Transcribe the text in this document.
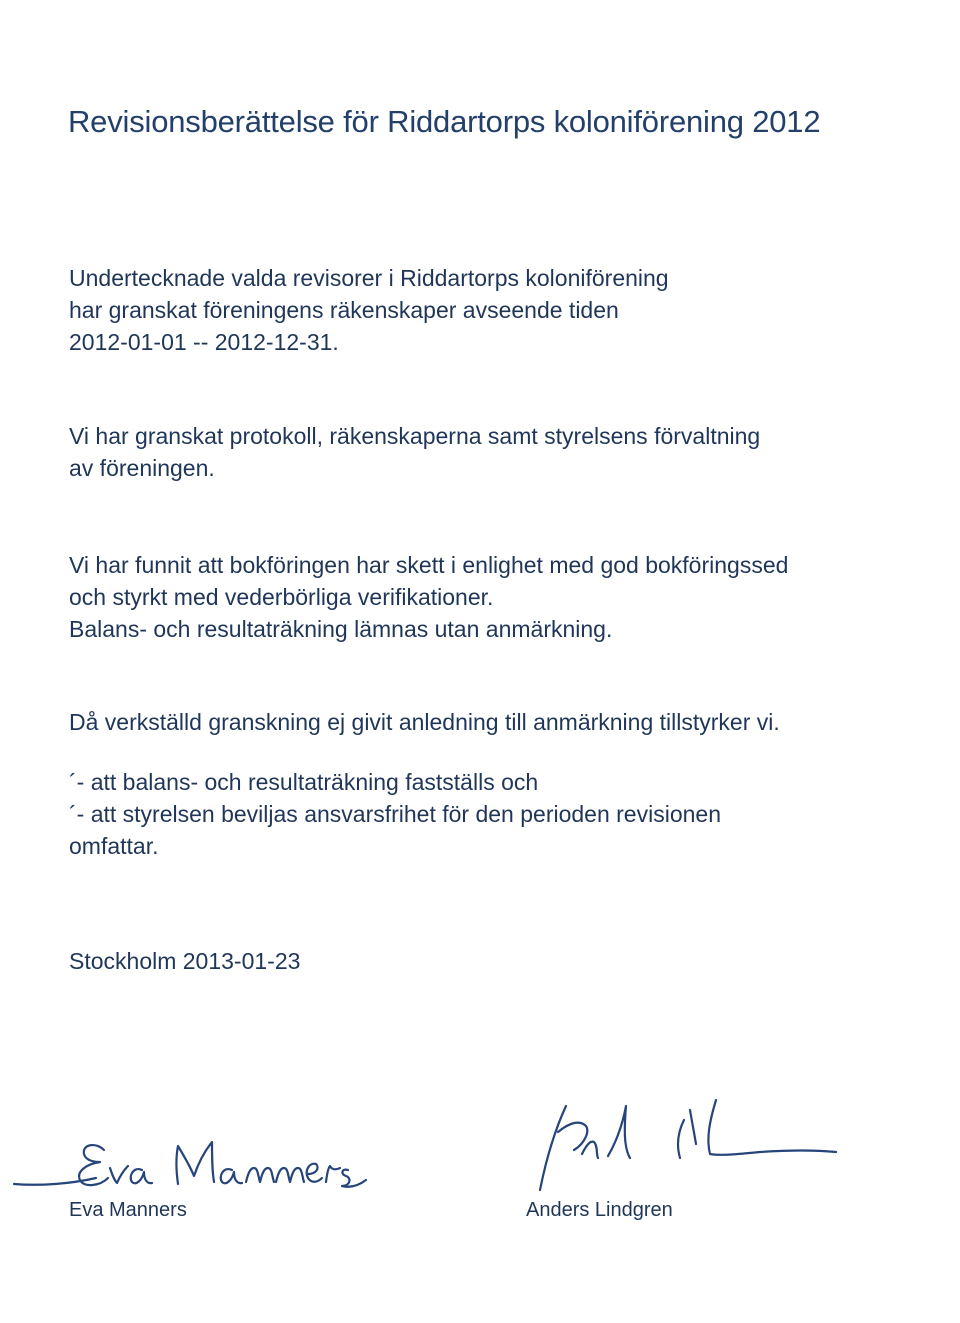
Revisionsberättelse för Riddartorps koloniförening 2012
Undertecknade valda revisorer i Riddartorps koloniförening
har granskat föreningens räkenskaper avseende tiden
2012-01-01 -- 2012-12-31.
Vi har granskat protokoll, räkenskaperna samt styrelsens förvaltning
av föreningen.
Vi har funnit att bokföringen har skett i enlighet med god bokföringssed
och styrkt med vederbörliga verifikationer.
Balans- och resultaträkning lämnas utan anmärkning.
Då verkställd granskning ej givit anledning till anmärkning tillstyrker vi.
´- att balans- och resultaträkning fastställs och
´- att styrelsen beviljas ansvarsfrihet för den perioden revisionen
omfattar.

Stockholm 2013-01-23

Eva Manners	Anders Lindgren
